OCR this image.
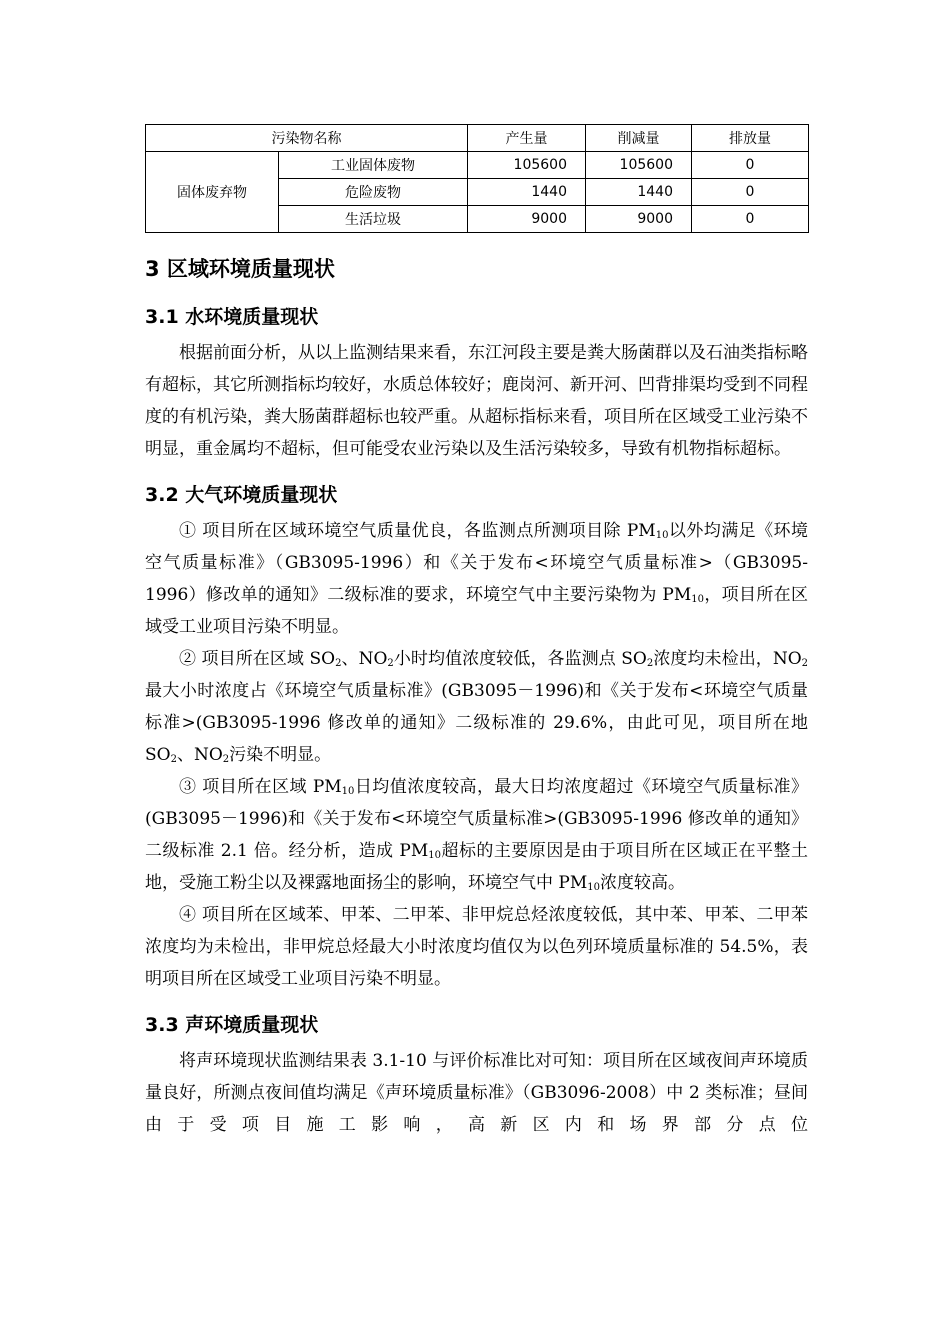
污染物名称		产生量	削减量	排放量
固体废弃物	工业固体废物	105600	105600	0
	危险废物	1440	1440	0
	生活垃圾	9000	9000	0
3 区域环境质量现状
3.1 水环境质量现状

根据前面分析，从以上监测结果来看，东江河段主要是粪大肠菌群以及石油类指标略有超标，其它所测指标均较好，水质总体较好；鹿岗河、新开河、凹背排渠均受到不同程度的有机污染，粪大肠菌群超标也较严重。从超标指标来看，项目所在区域受工业污染不明显，重金属均不超标，但可能受农业污染以及生活污染较多，导致有机物指标超标。

3.2 大气环境质量现状

① 项目所在区域环境空气质量优良，各监测点所测项目除 $PM_{10}$以外均满足《环境空气质量标准》（GB3095-1996）和《关于发布<环境空气质量标准>（GB3095-1996）修改单的通知》二级标准的要求，环境空气中主要污染物为 $PM_{10}$，项目所在区域受工业项目污染不明显。

② 项目所在区域 $SO_2$、$NO_2$小时均值浓度较低，各监测点 $SO_2$浓度均未检出，$NO_2$最大小时浓度占《环境空气质量标准》(GB3095－1996)和《关于发布<环境空气质量标准>(GB3095-1996 修改单的通知》二级标准的 29.6%，由此可见，项目所在地 $SO_2$、$NO_2$污染不明显。

③ 项目所在区域 $PM_{10}$日均值浓度较高，最大日均浓度超过《环境空气质量标准》(GB3095－1996)和《关于发布<环境空气质量标准>(GB3095-1996 修改单的通知》二级标准 2.1 倍。经分析，造成 $PM_{10}$超标的主要原因是由于项目所在区域正在平整土地，受施工粉尘以及裸露地面扬尘的影响，环境空气中 $PM_{10}$浓度较高。

④ 项目所在区域苯、甲苯、二甲苯、非甲烷总烃浓度较低，其中苯、甲苯、二甲苯浓度均为未检出，非甲烷总烃最大小时浓度均值仅为以色列环境质量标准的 54.5%，表明项目所在区域受工业项目污染不明显。

3.3 声环境质量现状

将声环境现状监测结果表 3.1-10 与评价标准比对可知：项目所在区域夜间声环境质量良好，所测点夜间值均满足《声环境质量标准》（GB3096-2008）中 2 类标准；昼间由于受项目施工影响，高新区内和场界部分点位
